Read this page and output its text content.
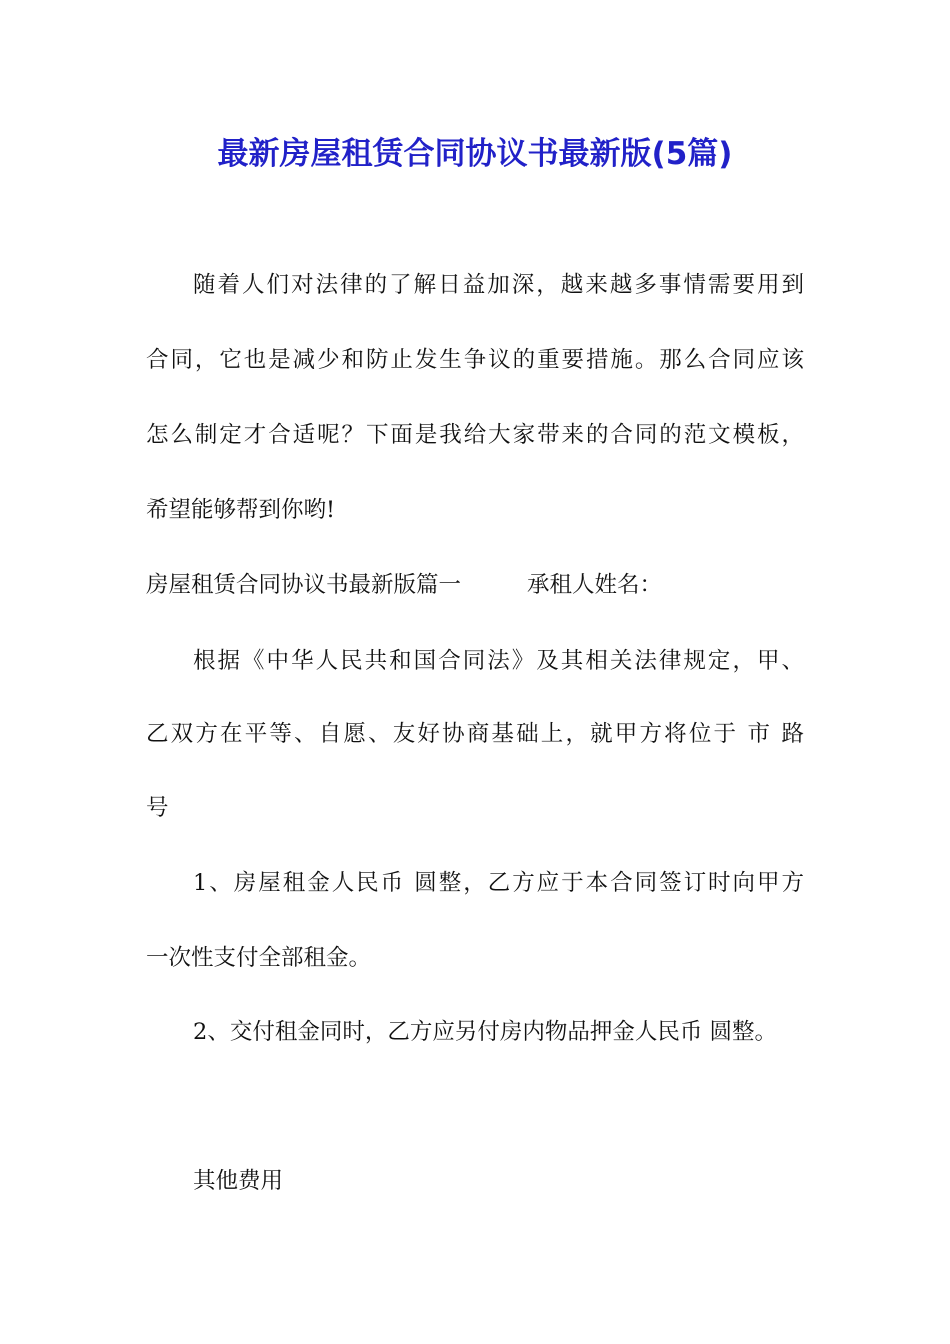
最新房屋租赁合同协议书最新版(5篇)
随着人们对法律的了解日益加深，越来越多事情需要用到
合同，它也是减少和防止发生争议的重要措施。那么合同应该
怎么制定才合适呢？下面是我给大家带来的合同的范文模板，
希望能够帮到你哟!
房屋租赁合同协议书最新版篇一	承租人姓名：
根据《中华人民共和国合同法》及其相关法律规定，甲、
乙双方在平等、自愿、友好协商基础上，就甲方将位于 市 路
号
1、房屋租金人民币 圆整，乙方应于本合同签订时向甲方
一次性支付全部租金。
2、交付租金同时，乙方应另付房内物品押金人民币 圆整。
其他费用
